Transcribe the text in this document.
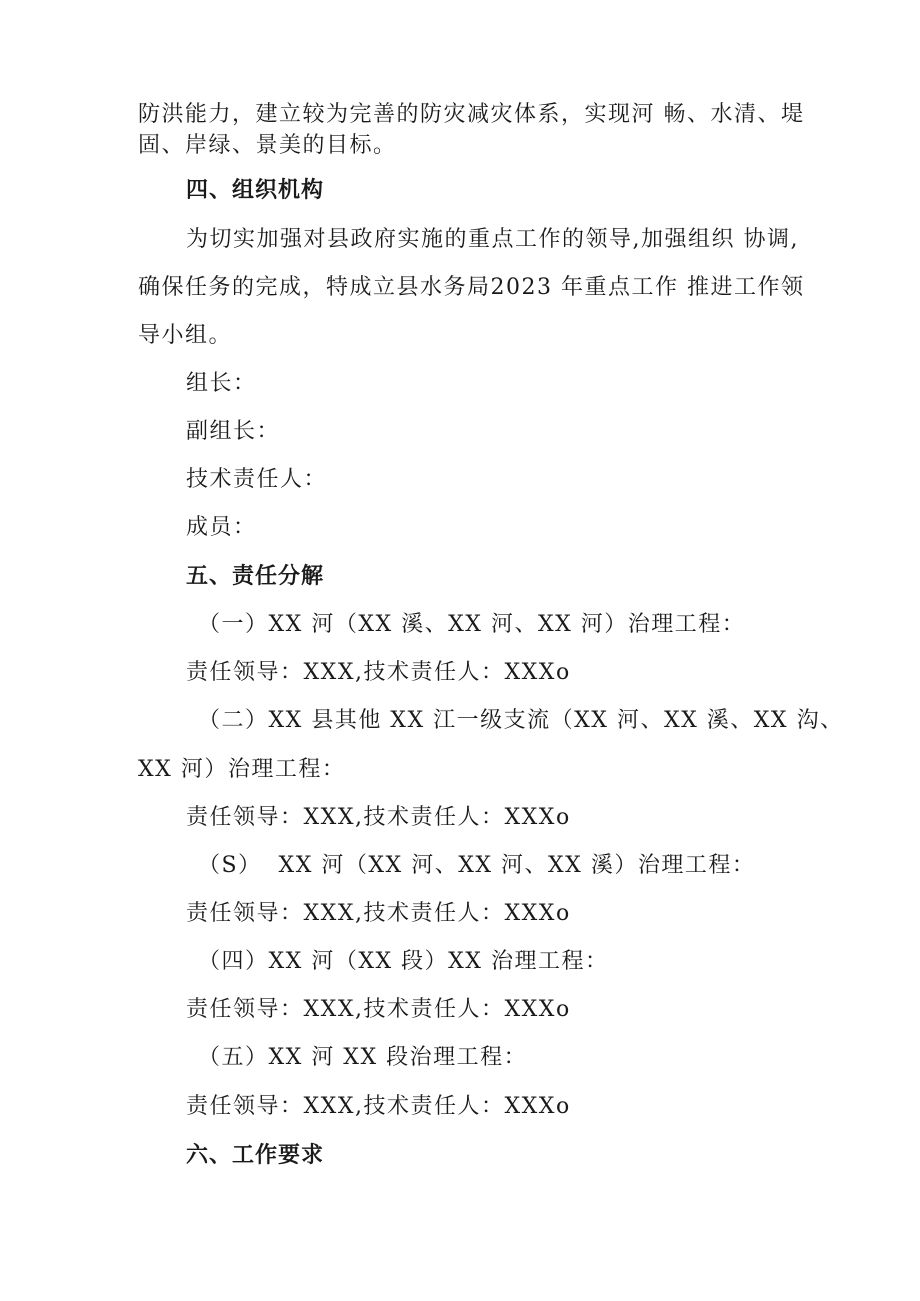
防洪能力，建立较为完善的防灾减灾体系，实现河 畅、水清、堤
固、岸绿、景美的目标。
四、组织机构
为切实加强对县政府实施的重点工作的领导,加强组织 协调,
确保任务的完成，特成立县水务局2023 年重点工作 推进工作领
导小组。
组长：
副组长：
技术责任人：
成员：
五、责任分解
（一）XX 河（XX 溪、XX 河、XX 河）治理工程：
责任领导：XXX,技术责任人：XXXo
（二）XX 县其他 XX 江一级支流（XX 河、XX 溪、XX 沟、
XX 河）治理工程：
责任领导：XXX,技术责任人：XXXo
（S）  XX 河（XX 河、XX 河、XX 溪）治理工程：
责任领导：XXX,技术责任人：XXXo
（四）XX 河（XX 段）XX 治理工程：
责任领导：XXX,技术责任人：XXXo
（五）XX 河 XX 段治理工程：
责任领导：XXX,技术责任人：XXXo
六、工作要求
